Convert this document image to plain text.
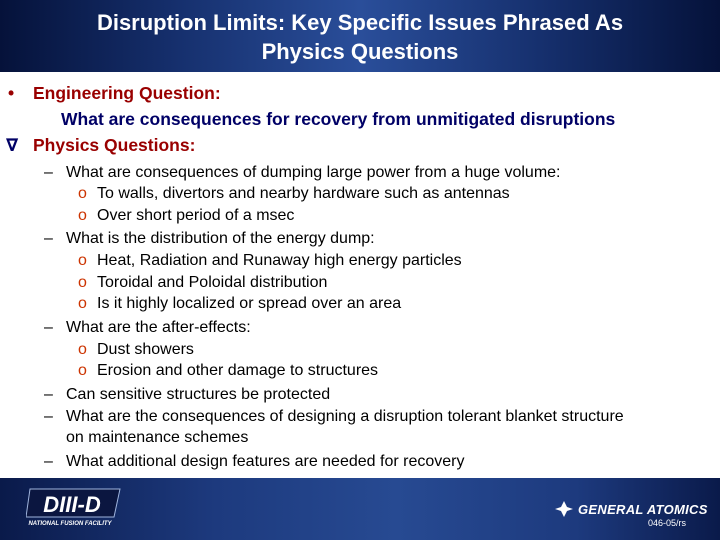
Disruption Limits: Key Specific Issues Phrased As
Physics Questions
• Engineering Question:
What are consequences for recovery from unmitigated disruptions
∇ Physics Questions:
– What are consequences of dumping large power from a huge volume:
o To walls, divertors and nearby hardware such as antennas
o Over short period of a msec
– What is the distribution of the energy dump:
o Heat, Radiation and Runaway high energy particles
o Toroidal and Poloidal distribution
o Is it highly localized or spread over an area
– What are the after-effects:
o Dust showers
o Erosion and other damage to structures
– Can sensitive structures be protected
– What are the consequences of designing a disruption tolerant blanket structure
on maintenance schemes
– What additional design features are needed for recovery
DIII-D
NATIONAL FUSION FACILITY
GENERAL ATOMICS
046-05/rs
